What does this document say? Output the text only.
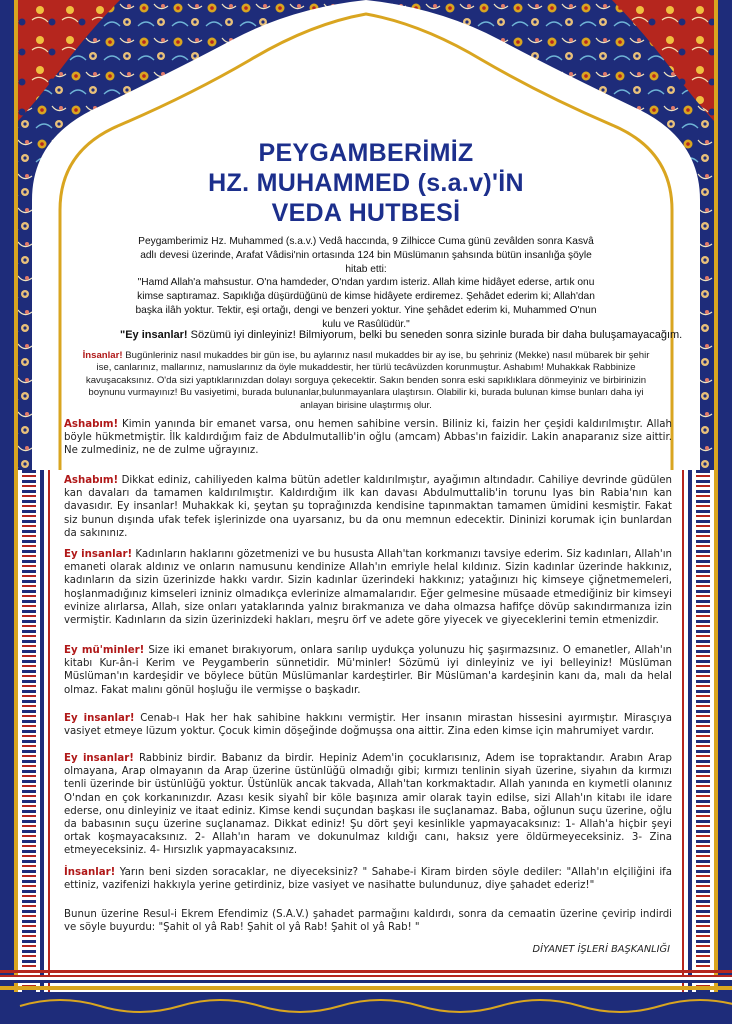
PEYGAMBERİMİZ
HZ. MUHAMMED (s.a.v)'İN
VEDA HUTBESİ
Peygamberimiz Hz. Muhammed (s.a.v.) Vedâ haccında, 9 Zilhicce Cuma günü zevâlden sonra Kasvâ adlı devesi üzerinde, Arafat Vâdisi'nin ortasında 124 bin Müslümanın şahsında bütün insanlığa şöyle hitab etti:
"Hamd Allah'a mahsustur. O'na hamdeder, O'ndan yardım isteriz. Allah kime hidâyet ederse, artık onu kimse saptıramaz. Sapıklığa düşürdüğünü de kimse hidâyete erdiremez. Şehâdet ederim ki; Allah'dan başka ilâh yoktur. Tektir, eşi ortağı, dengi ve benzeri yoktur. Yine şehâdet ederim ki, Muhammed O'nun kulu ve Rasûlüdür."
"Ey insanlar! Sözümü iyi dinleyiniz! Bilmiyorum, belki bu seneden sonra sizinle burada bir daha buluşamayacağım.
İnsanlar! Bugünleriniz nasıl mukaddes bir gün ise, bu aylarınız nasıl mukaddes bir ay ise, bu şehriniz (Mekke) nasıl mübarek bir şehir ise, canlarınız, mallarınız, namuslarınız da öyle mukaddestir, her türlü tecâvüzden korunmuştur. Ashabım! Muhakkak Rabbinize kavuşacaksınız. O'da sizi yaptıklarınızdan dolayı sorguya çekecektir. Sakın benden sonra eski sapıklıklara dönmeyiniz ve birbirinizin boynunu vurmayınız! Bu vasiyetimi, burada bulunanlar,bulunmayanlara ulaştırsın. Olabilir ki, burada bulunan kimse bunları daha iyi anlayan birisine ulaştırmış olur.
Ashabım! Kimin yanında bir emanet varsa, onu hemen sahibine versin. Biliniz ki, faizin her çeşidi kaldırılmıştır. Allah böyle hükmetmiştir. İlk kaldırdığım faiz de Abdulmutallib'in oğlu (amcam) Abbas'ın faizidir. Lakin anaparanız size aittir. Ne zulmediniz, ne de zulme uğrayınız.
Ashabım! Dikkat ediniz, cahiliyeden kalma bütün adetler kaldırılmıştır, ayağımın altındadır. Cahiliye devrinde güdülen kan davaları da tamamen kaldırılmıştır. Kaldırdığım ilk kan davası Abdulmuttalib'in torunu Iyas bin Rabia'nın kan davasıdır. Ey insanlar! Muhakkak ki, şeytan şu toprağınızda kendisine tapınmaktan tamamen ümidini kesmiştir. Fakat siz bunun dışında ufak tefek işlerinizde ona uyarsanız, bu da onu memnun edecektir. Dininizi korumak için bunlardan da sakınınız.
Ey insanlar! Kadınların haklarını gözetmenizi ve bu hususta Allah'tan korkmanızı tavsiye ederim. Siz kadınları, Allah'ın emaneti olarak aldınız ve onların namusunu kendinize Allah'ın emriyle helal kıldınız. Sizin kadınlar üzerinde hakkınız, kadınların da sizin üzerinizde hakkı vardır. Sizin kadınlar üzerindeki hakkınız; yatağınızı hiç kimseye çiğnetmemeleri, hoşlanmadığınız kimseleri izniniz olmadıkça evlerinize almamalarıdır. Eğer gelmesine müsaade etmediğiniz bir kimseyi evinize alırlarsa, Allah, size onları yataklarında yalnız bırakmanıza ve daha olmazsa hafifçe dövüp sakındırmanıza izin vermiştir. Kadınların da sizin üzerinizdeki hakları, meşru örf ve adete göre yiyecek ve giyeceklerini temin etmenizdir.
Ey mü'minler! Size iki emanet bırakıyorum, onlara sarılıp uydukça yolunuzu hiç şaşırmazsınız. O emanetler, Allah'ın kitabı Kur-ân-i Kerim ve Peygamberin sünnetidir. Mü'minler! Sözümü iyi dinleyiniz ve iyi belleyiniz! Müslüman Müslüman'ın kardeşidir ve böylece bütün Müslümanlar kardeştirler. Bir Müslüman'a kardeşinin kanı da, malı da helal olmaz. Fakat malını gönül hoşluğu ile vermişse o başkadır.
Ey insanlar! Cenab-ı Hak her hak sahibine hakkını vermiştir. Her insanın mirastan hissesini ayırmıştır. Mirasçıya vasiyet etmeye lüzum yoktur. Çocuk kimin döşeğinde doğmuşsa ona aittir. Zina eden kimse için mahrumiyet vardır.
Ey insanlar! Rabbiniz birdir. Babanız da birdir. Hepiniz Adem'in çocuklarısınız, Adem ise topraktandır. Arabın Arap olmayana, Arap olmayanın da Arap üzerine üstünlüğü olmadığı gibi; kırmızı tenlinin siyah üzerine, siyahın da kırmızı tenli üzerinde bir üstünlüğü yoktur. Üstünlük ancak takvada, Allah'tan korkmaktadır. Allah yanında en kıymetli olanınız O'ndan en çok korkanınızdır. Azası kesik siyahî bir köle başınıza amir olarak tayin edilse, sizi Allah'ın kitabı ile idare ederse, onu dinleyiniz ve itaat ediniz. Kimse kendi suçundan başkası ile suçlanamaz. Baba, oğlunun suçu üzerine, oğlu da babasının suçu üzerine suçlanamaz. Dikkat ediniz! Şu dört şeyi kesinlikle yapmayacaksınız: 1- Allah'a hiçbir şeyi ortak koşmayacaksınız. 2- Allah'ın haram ve dokunulmaz kıldığı canı, haksız yere öldürmeyeceksiniz. 3- Zina etmeyeceksiniz. 4- Hırsızlık yapmayacaksınız.
İnsanlar! Yarın beni sizden soracaklar, ne diyeceksiniz? " Sahabe-i Kiram birden söyle dediler: "Allah'ın elçiliğini ifa ettiniz, vazifenizi hakkıyla yerine getirdiniz, bize vasiyet ve nasihatte bulundunuz, diye şahadet ederiz!"
Bunun üzerine Resul-i Ekrem Efendimiz (S.A.V.) şahadet parmağını kaldırdı, sonra da cemaatin üzerine çevirip indirdi ve söyle buyurdu: "Şahit ol yâ Rab! Şahit ol yâ Rab! Şahit ol yâ Rab! "
DİYANET İŞLERİ BAŞKANLIĞI
